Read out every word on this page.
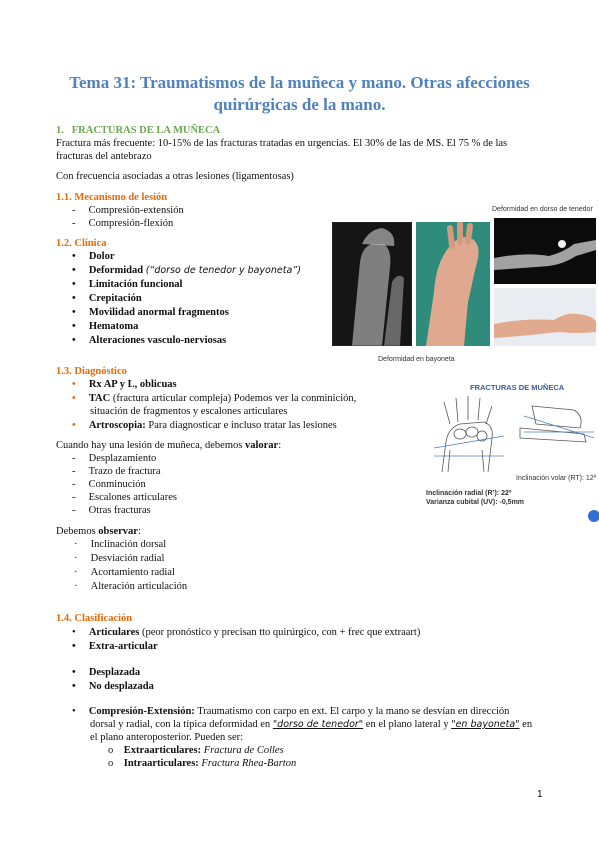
Tema 31: Traumatismos de la muñeca y mano. Otras afecciones
quirúrgicas de la mano.
1. FRACTURAS DE LA MUÑECA
Fractura más frecuente: 10-15% de las fracturas tratadas en urgencias. El 30% de las de MS. El 75 % de las
fracturas del antebrazo
Con frecuencia asociadas a otras lesiones (ligamentosas)
1.1. Mecanismo de lesión
-     Compresión-extensión
-     Compresión-flexión
1.2. Clínica
•     Dolor
•     Deformidad (“dorso de tenedor y bayoneta”)
•     Limitación funcional
•     Crepitación
•     Movilidad anormal fragmentos
•     Hematoma
•     Alteraciones vasculo-nerviosas
Deformidad en dorso de tenedor
Deformidad en bayoneta
1.3. Diagnóstico
• Rx AP y L, oblicuas
• TAC (fractura articular compleja) Podemos ver la conminición,
situación de fragmentos y escalones articulares
• Artroscopia: Para diagnosticar e incluso tratar las lesiones
Cuando hay una lesión de muñeca, debemos valorar:
-     Desplazamiento
-     Trazo de fractura
-     Conminución
-     Escalones articulares
-     Otras fracturas
Debemos observar:
·     Inclinación dorsal
·     Desviación radial
·     Acortamiento radial
·     Alteración articulación
FRACTURAS DE MUÑECA
Inclinación volar (RT): 12º
Inclinación radial (R’): 22º
Varianza cubital (UV): -0,5mm
1.4. Clasificación
•     Articulares (peor pronóstico y precisan tto quirúrgico, con + frec que extraart)
•     Extra-articular
•     Desplazada
•     No desplazada
•     Compresión-Extensión: Traumatismo con carpo en ext. El carpo y la mano se desvían en dirección
dorsal y radial, con la típica deformidad en "dorso de tenedor" en el plano lateral y "en bayoneta" en
el plano anteroposterior. Pueden ser:
o    Extraarticulares: Fractura de Colles
o    Intraarticulares: Fractura Rhea-Barton
1
